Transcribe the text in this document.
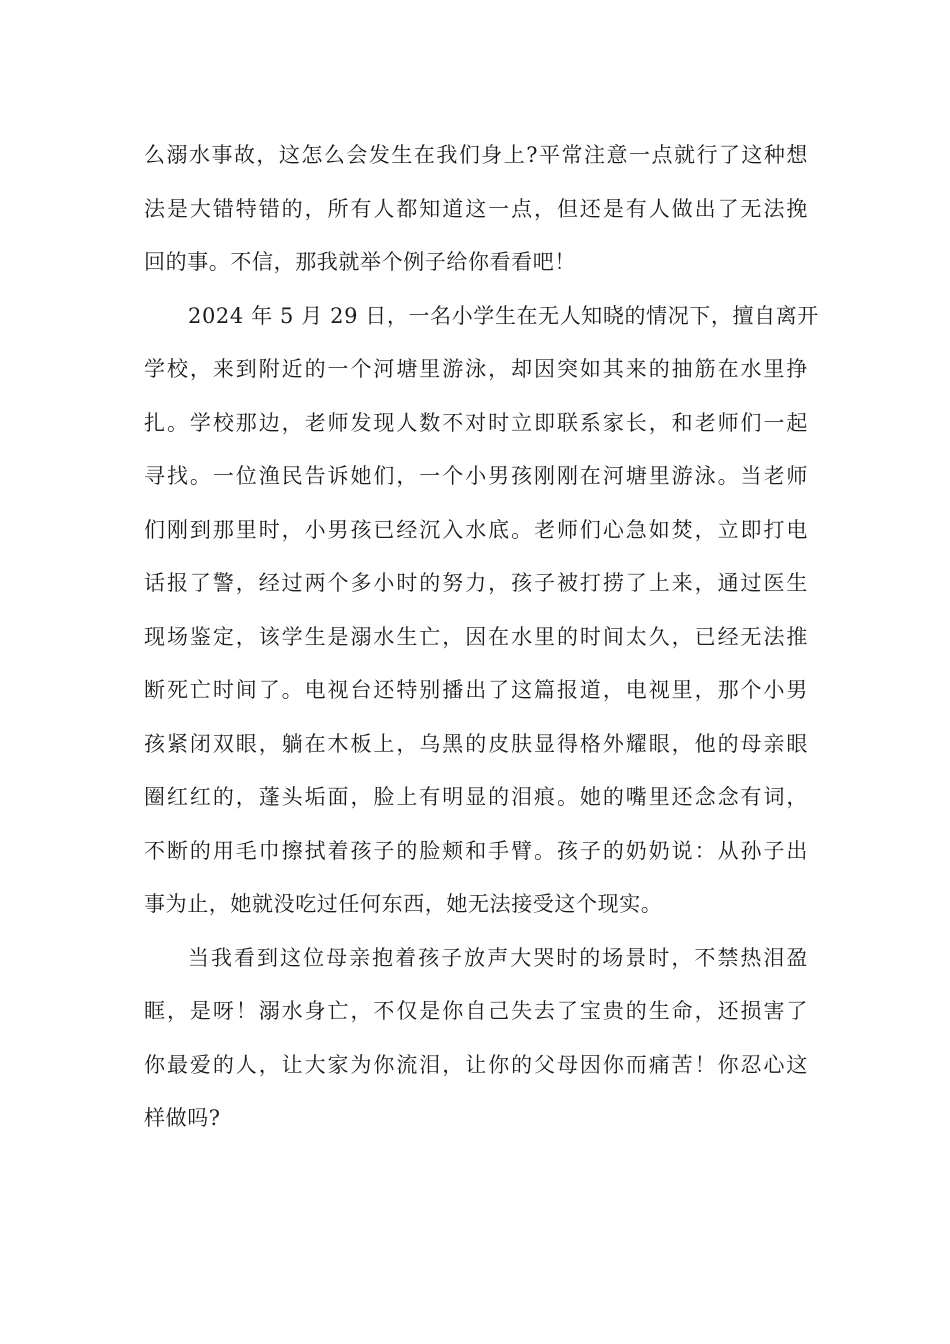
么溺水事故，这怎么会发生在我们身上?平常注意一点就行了这种想
法是大错特错的，所有人都知道这一点，但还是有人做出了无法挽
回的事。不信，那我就举个例子给你看看吧！

2024 年 5 月 29 日，一名小学生在无人知晓的情况下，擅自离开
学校，来到附近的一个河塘里游泳，却因突如其来的抽筋在水里挣
扎。学校那边，老师发现人数不对时立即联系家长，和老师们一起
寻找。一位渔民告诉她们，一个小男孩刚刚在河塘里游泳。当老师
们刚到那里时，小男孩已经沉入水底。老师们心急如焚，立即打电
话报了警，经过两个多小时的努力，孩子被打捞了上来，通过医生
现场鉴定，该学生是溺水生亡，因在水里的时间太久，已经无法推
断死亡时间了。电视台还特别播出了这篇报道，电视里，那个小男
孩紧闭双眼，躺在木板上，乌黑的皮肤显得格外耀眼，他的母亲眼
圈红红的，蓬头垢面，脸上有明显的泪痕。她的嘴里还念念有词，
不断的用毛巾擦拭着孩子的脸颊和手臂。孩子的奶奶说：从孙子出
事为止，她就没吃过任何东西，她无法接受这个现实。

当我看到这位母亲抱着孩子放声大哭时的场景时，不禁热泪盈
眶，是呀！溺水身亡，不仅是你自己失去了宝贵的生命，还损害了
你最爱的人，让大家为你流泪，让你的父母因你而痛苦！你忍心这
样做吗?
